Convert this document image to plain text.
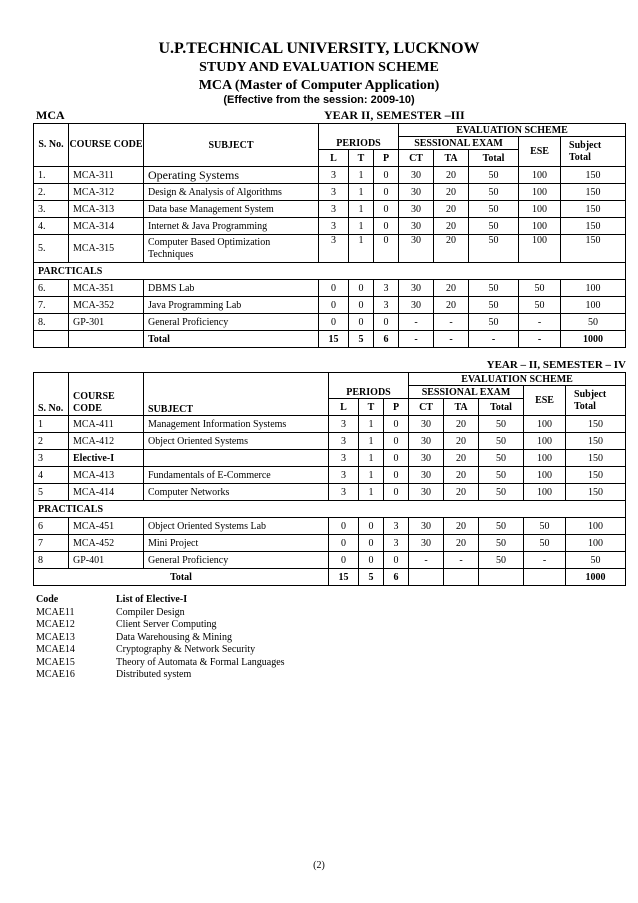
U.P.TECHNICAL UNIVERSITY, LUCKNOW
STUDY AND EVALUATION SCHEME
MCA (Master of Computer Application)
(Effective from the session: 2009-10)
MCA	YEAR II, SEMESTER –III
S. No.	COURSE CODE	SUBJECT	PERIODS			EVALUATION SCHEME				
						SESSIONAL EXAM			ESE	Subject Total
			L	T	P	CT	TA	Total		
1.	MCA-311	Operating Systems	3	1	0	30	20	50	100	150
2.	MCA-312	Design & Analysis of Algorithms	3	1	0	30	20	50	100	150
3.	MCA-313	Data base Management System	3	1	0	30	20	50	100	150
4.	MCA-314	Internet & Java Programming	3	1	0	30	20	50	100	150
5.	MCA-315	Computer Based Optimization Techniques	3	1	0	30	20	50	100	150
PARCTICALS										
6.	MCA-351	DBMS Lab	0	0	3	30	20	50	50	100
7.	MCA-352	Java Programming Lab	0	0	3	30	20	50	50	100
8.	GP-301	General Proficiency	0	0	0	-	-	50	-	50
		Total	15	5	6	-	-	-	-	1000
YEAR – II, SEMESTER – IV
S. No.	COURSE CODE	SUBJECT	PERIODS			EVALUATION SCHEME				
						SESSIONAL EXAM			ESE	Subject Total
			L	T	P	CT	TA	Total		
1	MCA-411	Management Information Systems	3	1	0	30	20	50	100	150
2	MCA-412	Object Oriented Systems	3	1	0	30	20	50	100	150
3	Elective-I		3	1	0	30	20	50	100	150
4	MCA-413	Fundamentals of E-Commerce	3	1	0	30	20	50	100	150
5	MCA-414	Computer Networks	3	1	0	30	20	50	100	150
PRACTICALS										
6	MCA-451	Object Oriented Systems Lab	0	0	3	30	20	50	50	100
7	MCA-452	Mini Project	0	0	3	30	20	50	50	100
8	GP-401	General Proficiency	0	0	0	-	-	50	-	50
Total			15	5	6					1000
Code	List of Elective-I
MCAE11	Compiler Design
MCAE12	Client Server Computing
MCAE13	Data Warehousing & Mining
MCAE14	Cryptography & Network Security
MCAE15	Theory of Automata & Formal Languages
MCAE16	Distributed system
(2)
